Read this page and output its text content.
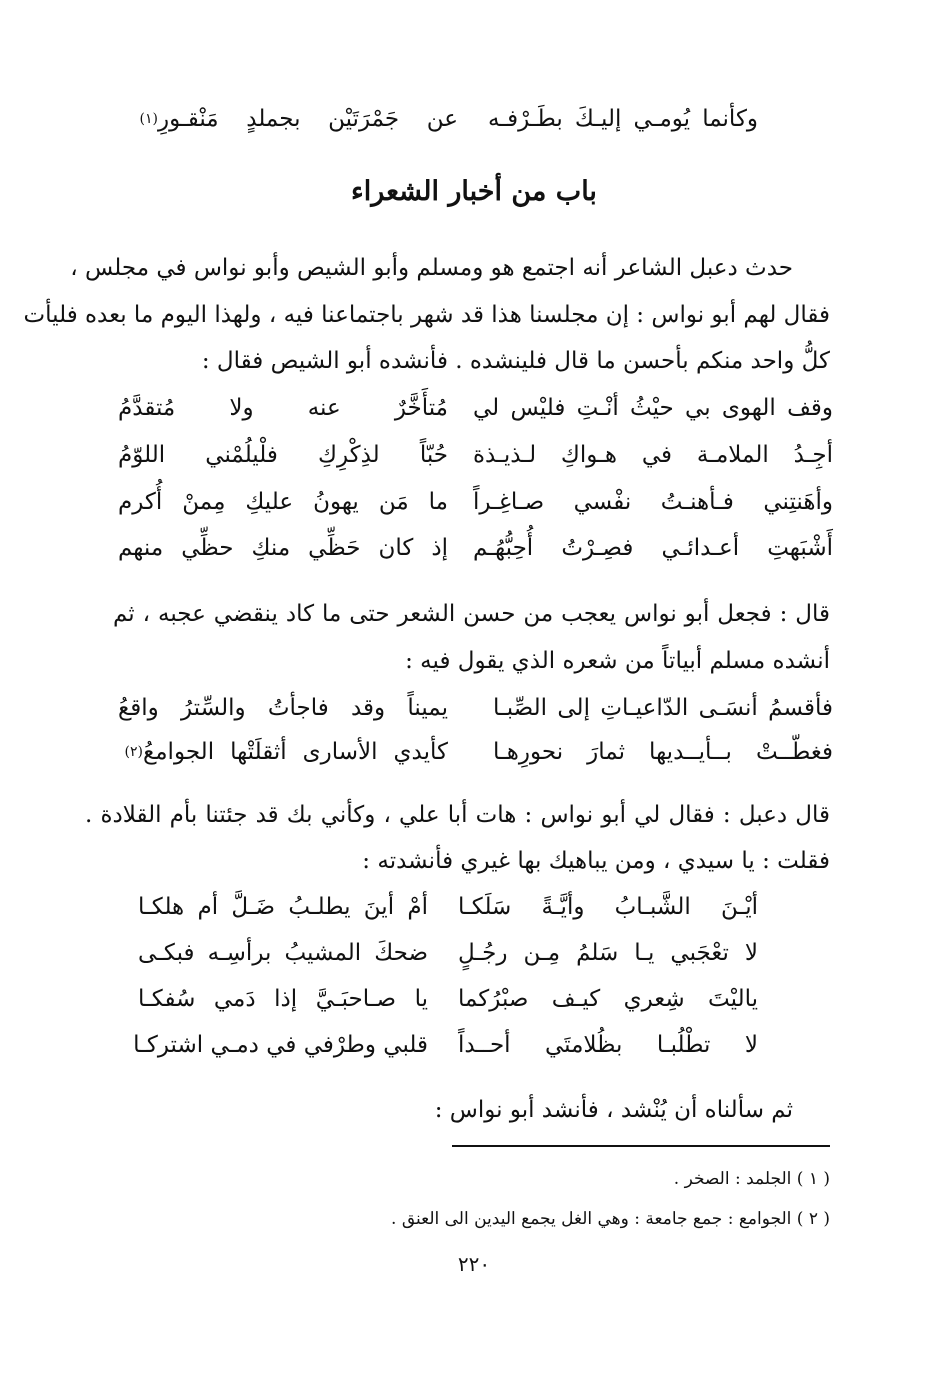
وكأنما يُومـي إليـكَ بطَـرْفـه
عن جَمْرَتَيْن بجملدٍ مَنْقـورِ
(١)
باب من أخبار الشعراء
حدث دعبل الشاعر أنه اجتمع هو ومسلم وأبو الشيص وأبو نواس في مجلس ،
فقال لهم أبو نواس : إن مجلسنا هذا قد شهر باجتماعنا فيه ، ولهذا اليوم ما بعده فليأت
كلُّ واحد منكم بأحسن ما قال فلينشده . فأنشده أبو الشيص فقال :
وقف الهوى بي حيْثُ أنْـتِ فليْس لي
مُتأَخَّرٌ عنه ولا مُتقدَّمُ
أجِـدُ الملامـة في هـواكِ لـذيـذة
حُبّاً لذِكْرِكِ فلْيلُمْني اللوّمُ
وأهَنتِني فـأهنـتُ نفْسي صـاغِـراً
ما مَن يهونُ عليكِ مِمنْ أُكرم
أَشْبَهتِ أعـدائـي فصِـرْتُ أُحِبُّهُـم
إذ كان حَظِّي منكِ حظِّي منهم
قال : فجعل أبو نواس يعجب من حسن الشعر حتى ما كاد ينقضي عجبه ، ثم
أنشده مسلم أبياتاً من شعره الذي يقول فيه :
فأقسمُ أنسَـى الدّاعيـاتِ إلى الصِّبـا
يميناً وقد فاجأتُ والسِّترُ واقعُ
فغطّــتْ بــأيــديها ثمارَ نحورِهـا
كأيدي الأسارى أثقلَتْها الجوامعُ
(٢)
قال دعبل : فقال لي أبو نواس : هات أبا علي ، وكأني بك قد جئتنا بأم القلادة .
فقلت : يا سيدي ، ومن يباهيك بها غيري فأنشدته :
أيْـنَ الشَّبـابُ وأيَّـةً سَلَكـا
أمْ أينَ يطلـبُ ضَـلَّ أم هلكـا
لا تعْجَبي يـا سَلمُ مِـن رجُـلٍ
ضحكَ المشيبُ برأسِـه فبكـى
ياليْتَ شِعري كيـف صبْرُكما
يا صـاحبَـيَّ إذا دَمي سُفكـا
لا تطْلُبـا بظُلامتَي أحــداً
قلبي وطرْفي في دمـي اشتركـا
ثم سألناه أن يُنْشد ، فأنشد أبو نواس :
( ١ ) الجلمد : الصخر .
( ٢ ) الجوامع : جمع جامعة : وهي الغل يجمع اليدين الى العنق .
٢٢٠
